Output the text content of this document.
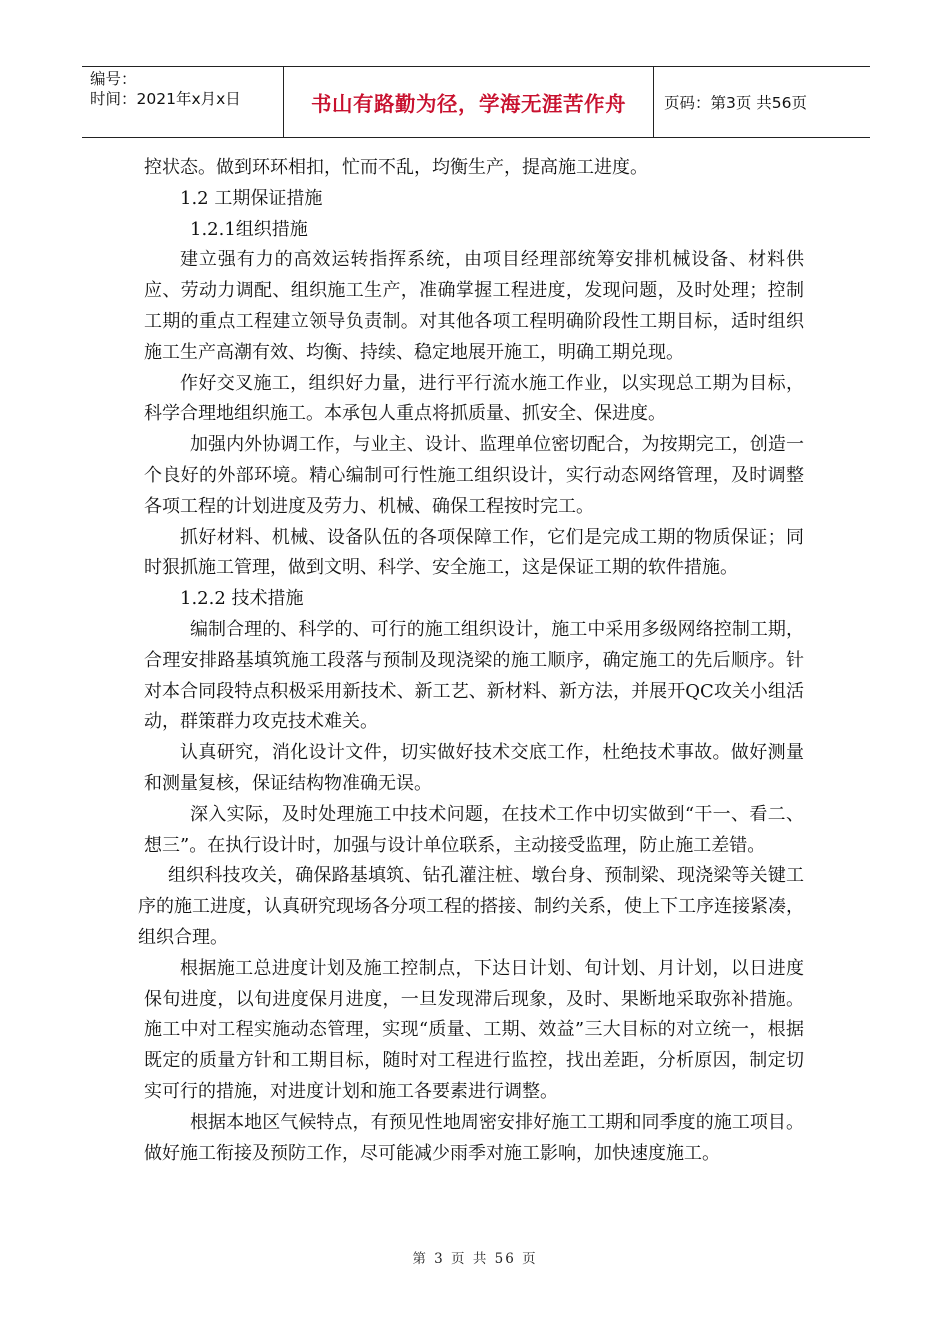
编号：
时间：2021年x月x日	书山有路勤为径，学海无涯苦作舟	页码：第3页 共56页

控状态。做到环环相扣，忙而不乱，均衡生产，提高施工进度。

1.2 工期保证措施

1.2.1组织措施

建立强有力的高效运转指挥系统，由项目经理部统筹安排机械设备、材料供应、劳动力调配、组织施工生产，准确掌握工程进度，发现问题，及时处理；控制工期的重点工程建立领导负责制。对其他各项工程明确阶段性工期目标，适时组织施工生产高潮有效、均衡、持续、稳定地展开施工，明确工期兑现。

作好交叉施工，组织好力量，进行平行流水施工作业，以实现总工期为目标，科学合理地组织施工。本承包人重点将抓质量、抓安全、保进度。

加强内外协调工作，与业主、设计、监理单位密切配合，为按期完工，创造一个良好的外部环境。精心编制可行性施工组织设计，实行动态网络管理，及时调整各项工程的计划进度及劳力、机械、确保工程按时完工。

抓好材料、机械、设备队伍的各项保障工作，它们是完成工期的物质保证；同时狠抓施工管理，做到文明、科学、安全施工，这是保证工期的软件措施。

1.2.2 技术措施

编制合理的、科学的、可行的施工组织设计，施工中采用多级网络控制工期，合理安排路基填筑施工段落与预制及现浇梁的施工顺序，确定施工的先后顺序。针对本合同段特点积极采用新技术、新工艺、新材料、新方法，并展开QC攻关小组活动，群策群力攻克技术难关。

认真研究，消化设计文件，切实做好技术交底工作，杜绝技术事故。做好测量和测量复核，保证结构物准确无误。

深入实际，及时处理施工中技术问题，在技术工作中切实做到“干一、看二、想三”。在执行设计时，加强与设计单位联系，主动接受监理，防止施工差错。

组织科技攻关，确保路基填筑、钻孔灌注桩、墩台身、预制梁、现浇梁等关键工序的施工进度，认真研究现场各分项工程的搭接、制约关系，使上下工序连接紧凑，组织合理。

根据施工总进度计划及施工控制点，下达日计划、旬计划、月计划，以日进度保旬进度，以旬进度保月进度，一旦发现滞后现象，及时、果断地采取弥补措施。施工中对工程实施动态管理，实现“质量、工期、效益”三大目标的对立统一，根据既定的质量方针和工期目标，随时对工程进行监控，找出差距，分析原因，制定切实可行的措施，对进度计划和施工各要素进行调整。

根据本地区气候特点，有预见性地周密安排好施工工期和同季度的施工项目。做好施工衔接及预防工作，尽可能减少雨季对施工影响，加快速度施工。

第 3 页 共 56 页
